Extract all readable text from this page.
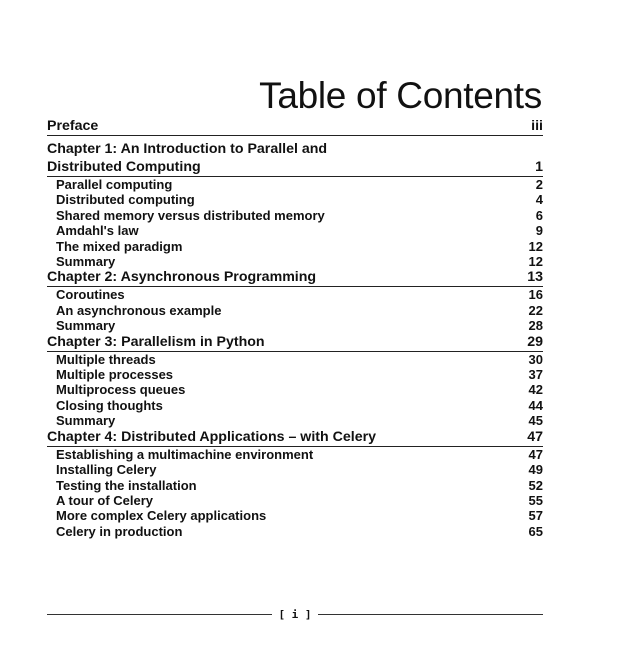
Table of Contents
Preface	iii
Chapter 1: An Introduction to Parallel and Distributed Computing	1
Parallel computing	2
Distributed computing	4
Shared memory versus distributed memory	6
Amdahl's law	9
The mixed paradigm	12
Summary	12
Chapter 2: Asynchronous Programming	13
Coroutines	16
An asynchronous example	22
Summary	28
Chapter 3: Parallelism in Python	29
Multiple threads	30
Multiple processes	37
Multiprocess queues	42
Closing thoughts	44
Summary	45
Chapter 4: Distributed Applications – with Celery	47
Establishing a multimachine environment	47
Installing Celery	49
Testing the installation	52
A tour of Celery	55
More complex Celery applications	57
Celery in production	65
[ i ]
